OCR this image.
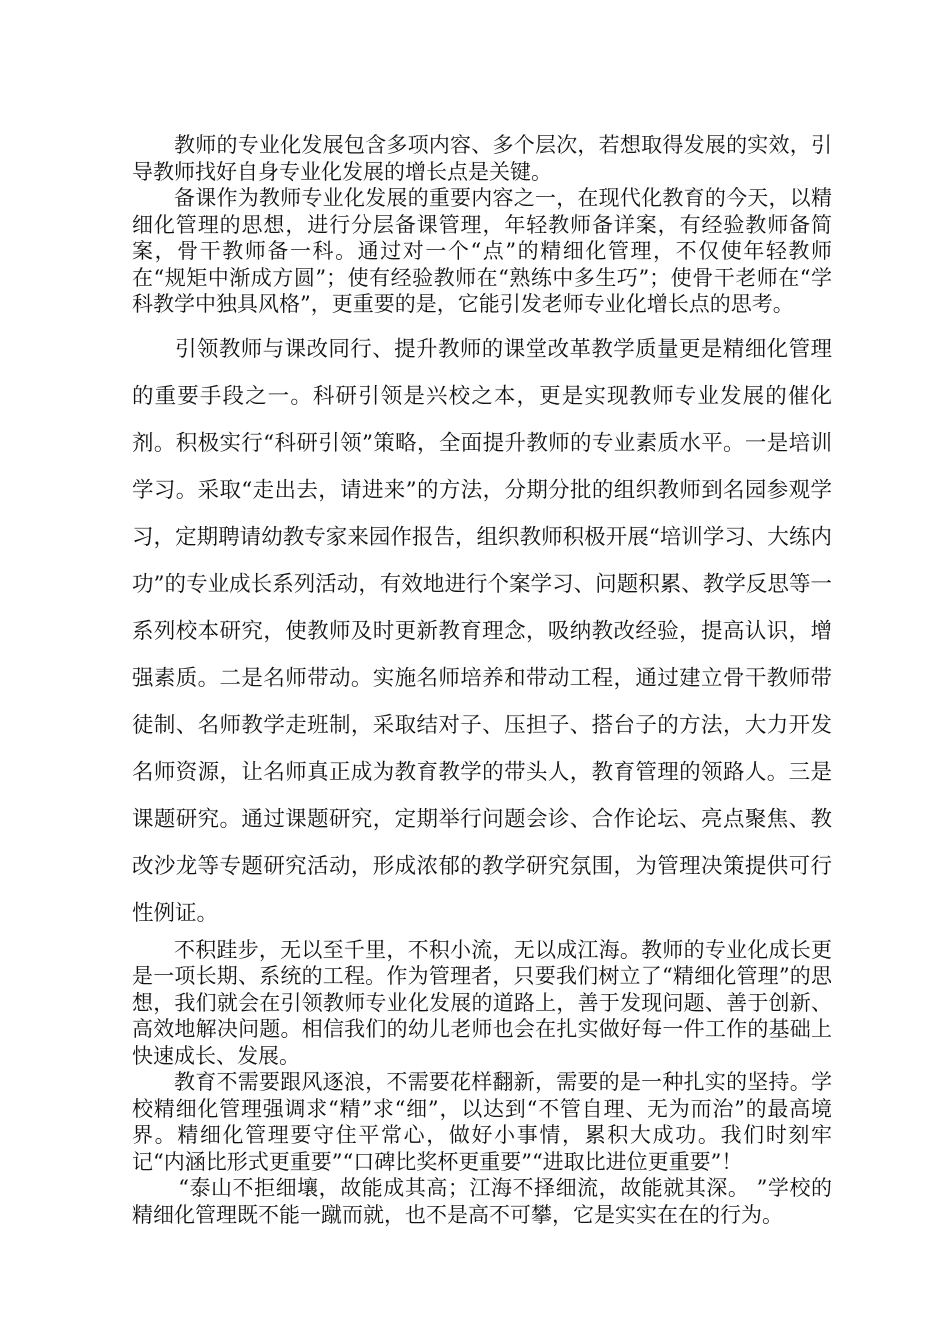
教师的专业化发展包含多项内容、多个层次，若想取得发展的实效，引导教师找好自身专业化发展的增长点是关键。

备课作为教师专业化发展的重要内容之一，在现代化教育的今天，以精细化管理的思想，进行分层备课管理，年轻教师备详案，有经验教师备简案，骨干教师备一科。通过对一个“点”的精细化管理，不仅使年轻教师在“规矩中渐成方圆”；使有经验教师在“熟练中多生巧”；使骨干老师在“学科教学中独具风格”，更重要的是，它能引发老师专业化增长点的思考。

引领教师与课改同行、提升教师的课堂改革教学质量更是精细化管理的重要手段之一。科研引领是兴校之本，更是实现教师专业发展的催化剂。积极实行“科研引领”策略，全面提升教师的专业素质水平。一是培训学习。采取“走出去，请进来”的方法，分期分批的组织教师到名园参观学习，定期聘请幼教专家来园作报告，组织教师积极开展“培训学习、大练内功”的专业成长系列活动，有效地进行个案学习、问题积累、教学反思等一系列校本研究，使教师及时更新教育理念，吸纳教改经验，提高认识，增强素质。二是名师带动。实施名师培养和带动工程，通过建立骨干教师带徒制、名师教学走班制，采取结对子、压担子、搭台子的方法，大力开发名师资源，让名师真正成为教育教学的带头人，教育管理的领路人。三是课题研究。通过课题研究，定期举行问题会诊、合作论坛、亮点聚焦、教改沙龙等专题研究活动，形成浓郁的教学研究氛围，为管理决策提供可行性例证。

不积跬步，无以至千里，不积小流，无以成江海。教师的专业化成长更是一项长期、系统的工程。作为管理者，只要我们树立了“精细化管理”的思想，我们就会在引领教师专业化发展的道路上，善于发现问题、善于创新、高效地解决问题。相信我们的幼儿老师也会在扎实做好每一件工作的基础上快速成长、发展。

教育不需要跟风逐浪，不需要花样翻新，需要的是一种扎实的坚持。学校精细化管理强调求“精”求“细”，以达到“不管自理、无为而治”的最高境界。精细化管理要守住平常心，做好小事情，累积大成功。我们时刻牢记“内涵比形式更重要”“口碑比奖杯更重要”“进取比进位更重要”！

“泰山不拒细壤，故能成其高；江海不择细流，故能就其深。 ”学校的精细化管理既不能一蹴而就，也不是高不可攀，它是实实在在的行为。
